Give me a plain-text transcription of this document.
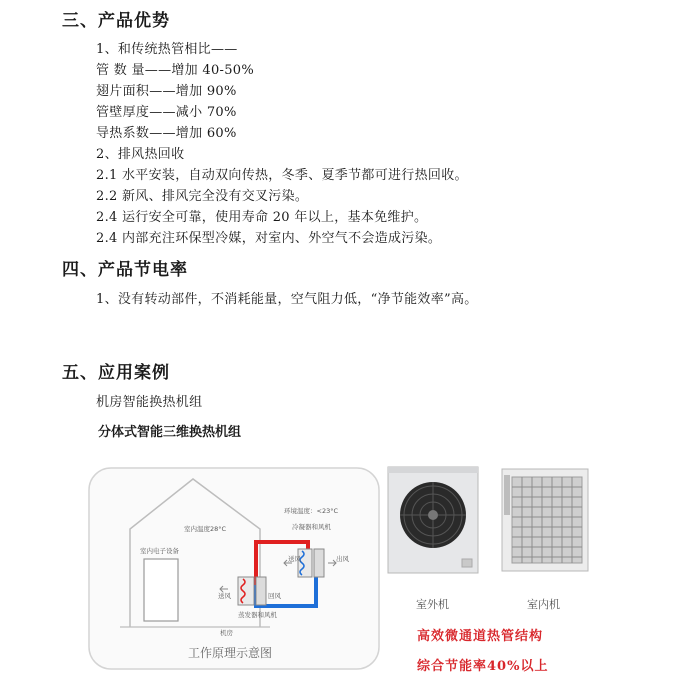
三、产品优势
1、和传统热管相比——
管 数 量——增加 40-50%
翅片面积——增加 90%
管壁厚度——减小 70%
导热系数——增加 60%
2、排风热回收
2.1 水平安装，自动双向传热，冬季、夏季节都可进行热回收。
2.2 新风、排风完全没有交叉污染。
2.4 运行安全可靠，使用寿命 20 年以上，基本免维护。
2.4 内部充注环保型冷媒，对室内、外空气不会造成污染。
四、产品节电率
1、没有转动部件，不消耗能量，空气阻力低，“净节能效率”高。
五、应用案例
机房智能换热机组
分体式智能三维换热机组
环境温度：<23°C
室内温度28°C	冷凝器和风机
室内电子设备
送风	出风
送风	回风
蒸发器和风机
机房
工作原理示意图
室外机	室内机
高效微通道热管结构
综合节能率40%以上
